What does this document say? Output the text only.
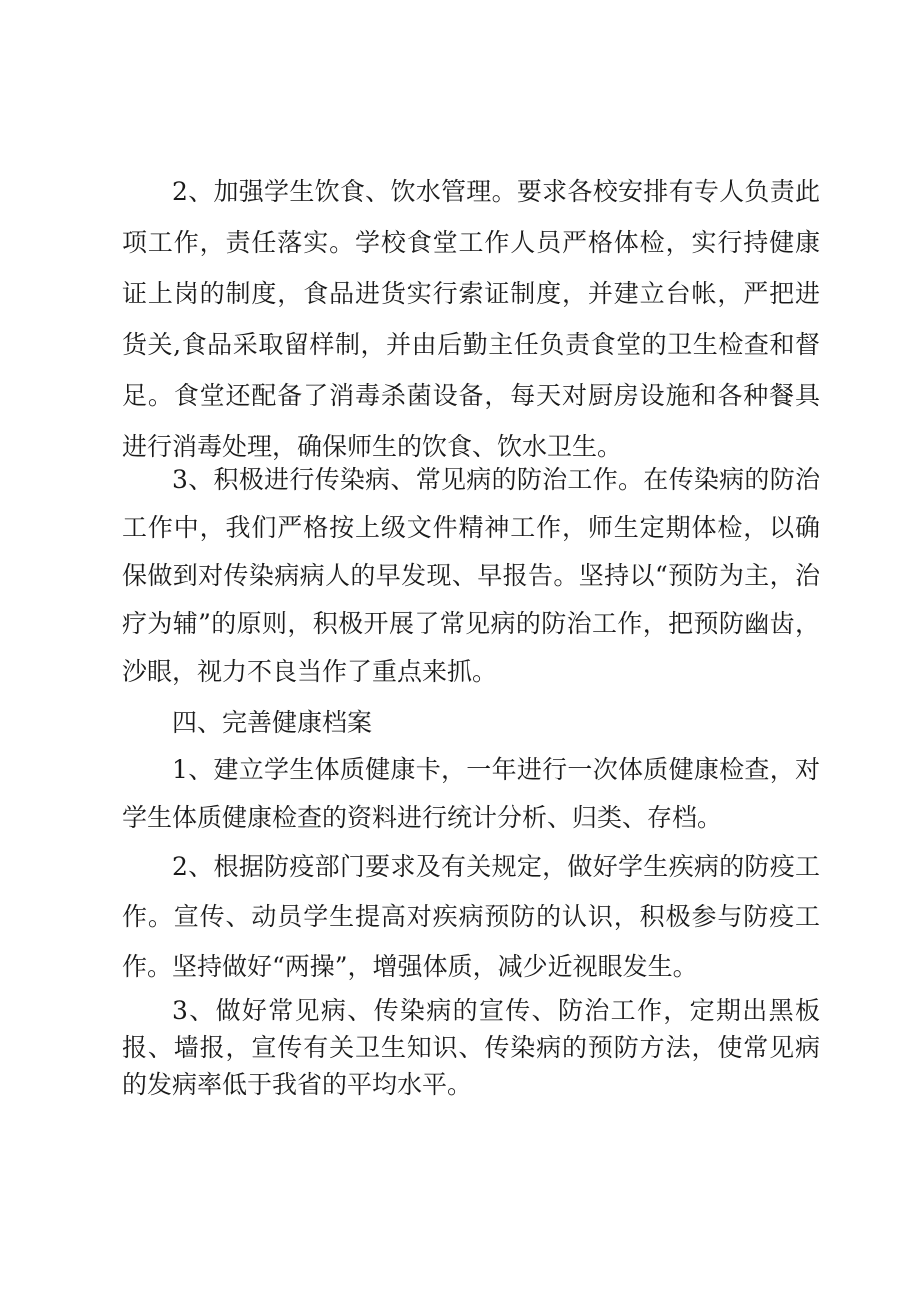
2、加强学生饮食、饮水管理。要求各校安排有专人负责此项工作，责任落实。学校食堂工作人员严格体检，实行持健康证上岗的制度，食品进货实行索证制度，并建立台帐，严把进货关,食品采取留样制，并由后勤主任负责食堂的卫生检查和督足。食堂还配备了消毒杀菌设备，每天对厨房设施和各种餐具进行消毒处理，确保师生的饮食、饮水卫生。

3、积极进行传染病、常见病的防治工作。在传染病的防治工作中，我们严格按上级文件精神工作，师生定期体检，以确保做到对传染病病人的早发现、早报告。坚持以“预防为主，治疗为辅”的原则，积极开展了常见病的防治工作，把预防幽齿，沙眼，视力不良当作了重点来抓。

四、完善健康档案

1、建立学生体质健康卡，一年进行一次体质健康检查，对学生体质健康检查的资料进行统计分析、归类、存档。

2、根据防疫部门要求及有关规定，做好学生疾病的防疫工作。宣传、动员学生提高对疾病预防的认识，积极参与防疫工作。坚持做好“两操”，增强体质，减少近视眼发生。

3、做好常见病、传染病的宣传、防治工作，定期出黑板报、墙报，宣传有关卫生知识、传染病的预防方法，使常见病的发病率低于我省的平均水平。
